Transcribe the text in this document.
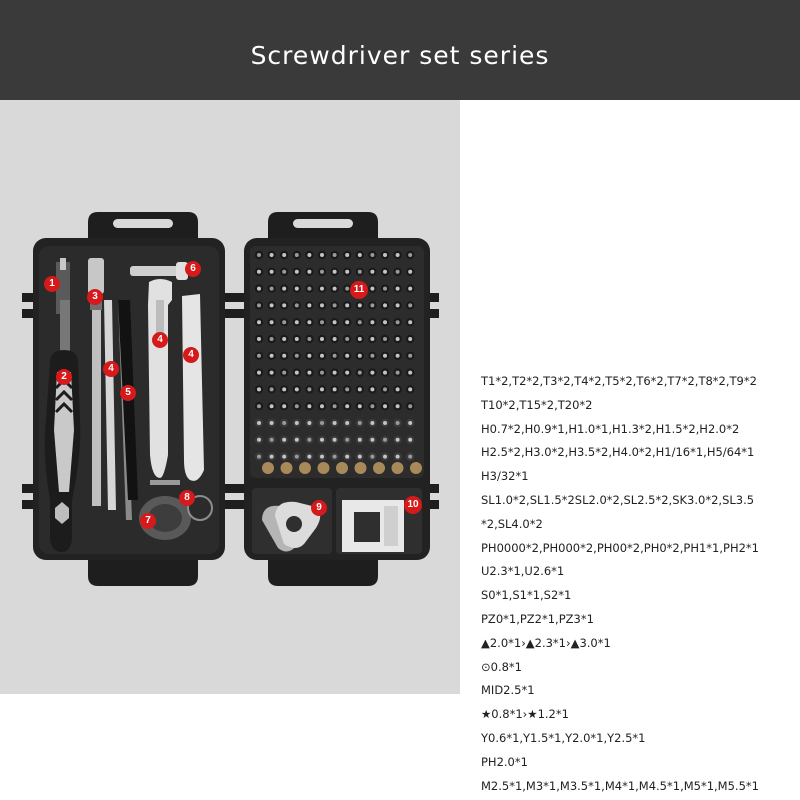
Screwdriver set series
1
2
3
4
4
4
5
6
7
8
9	10
11
T1*2,T2*2,T3*2,T4*2,T5*2,T6*2,T7*2,T8*2,T9*2
T10*2,T15*2,T20*2
H0.7*2,H0.9*1,H1.0*1,H1.3*2,H1.5*2,H2.0*2
H2.5*2,H3.0*2,H3.5*2,H4.0*2,H1/16*1,H5/64*1
H3/32*1
SL1.0*2,SL1.5*2SL2.0*2,SL2.5*2,SK3.0*2,SL3.5
*2,SL4.0*2
PH0000*2,PH000*2,PH00*2,PH0*2,PH1*1,PH2*1
U2.3*1,U2.6*1
S0*1,S1*1,S2*1
PZ0*1,PZ2*1,PZ3*1
▲2.0*1›▲2.3*1›▲3.0*1
⊙0.8*1
MID2.5*1
★0.8*1›★1.2*1
Y0.6*1,Y1.5*1,Y2.0*1,Y2.5*1
PH2.0*1
M2.5*1,M3*1,M3.5*1,M4*1,M4.5*1,M5*1,M5.5*1
